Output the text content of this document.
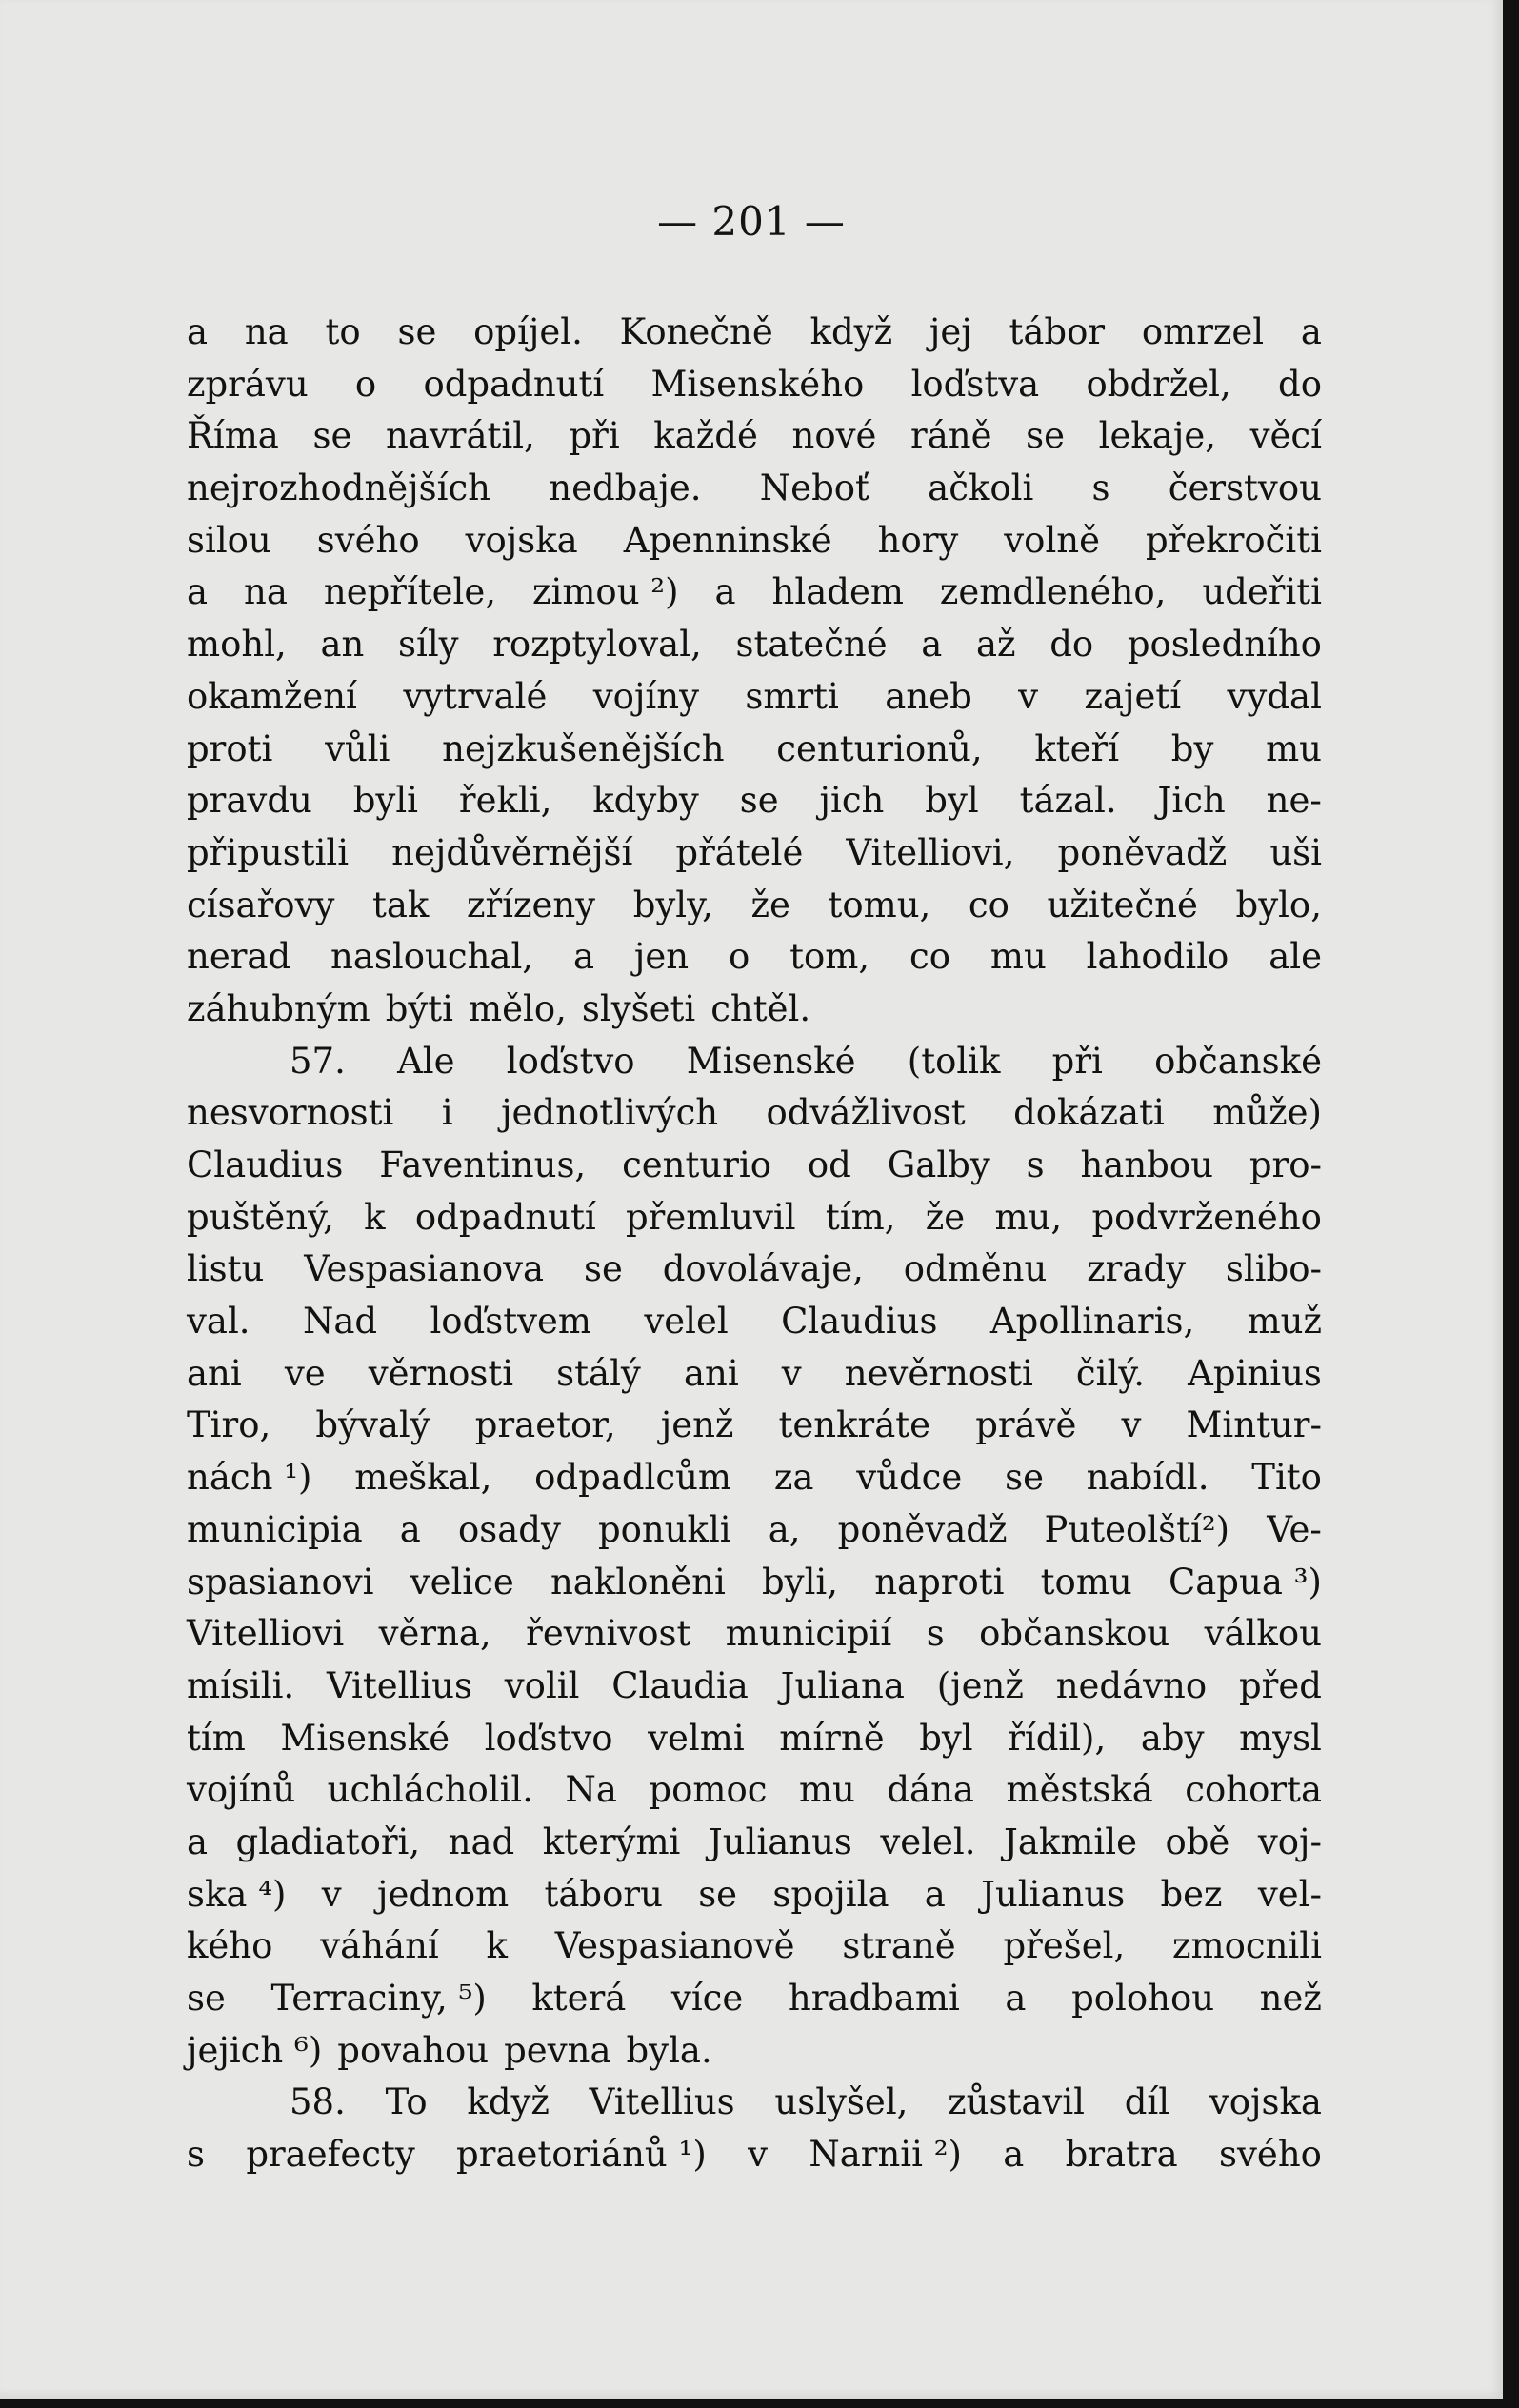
— 201 —
a na to se opíjel. Konečně když jej tábor omrzel a
zprávu o odpadnutí Misenského loďstva obdržel, do
Říma se navrátil, při každé nové ráně se lekaje, věcí
nejrozhodnějších nedbaje. Neboť ačkoli s čerstvou
silou svého vojska Apenninské hory volně překročiti
a na nepřítele, zimou ²) a hladem zemdleného, udeřiti
mohl, an síly rozptyloval, statečné a až do posledního
okamžení vytrvalé vojíny smrti aneb v zajetí vydal
proti vůli nejzkušenějších centurionů, kteří by mu
pravdu byli řekli, kdyby se jich byl tázal. Jich ne-
připustili nejdůvěrnější přátelé Vitelliovi, poněvadž uši
císařovy tak zřízeny byly, že tomu, co užitečné bylo,
nerad naslouchal, a jen o tom, co mu lahodilo ale
záhubným býti mělo, slyšeti chtěl.
57. Ale loďstvo Misenské (tolik při občanské
nesvornosti i jednotlivých odvážlivost dokázati může)
Claudius Faventinus, centurio od Galby s hanbou pro-
puštěný, k odpadnutí přemluvil tím, že mu, podvrženého
listu Vespasianova se dovolávaje, odměnu zrady slibo-
val. Nad loďstvem velel Claudius Apollinaris, muž
ani ve věrnosti stálý ani v nevěrnosti čilý. Apinius
Tiro, bývalý praetor, jenž tenkráte právě v Mintur-
nách ¹) meškal, odpadlcům za vůdce se nabídl. Tito
municipia a osady ponukli a, poněvadž Puteolští²) Ve-
spasianovi velice nakloněni byli, naproti tomu Capua ³)
Vitelliovi věrna, řevnivost municipií s občanskou válkou
mísili. Vitellius volil Claudia Juliana (jenž nedávno před
tím Misenské loďstvo velmi mírně byl řídil), aby mysl
vojínů uchlácholil. Na pomoc mu dána městská cohorta
a gladiatoři, nad kterými Julianus velel. Jakmile obě voj-
ska ⁴) v jednom táboru se spojila a Julianus bez vel-
kého váhání k Vespasianově straně přešel, zmocnili
se Terraciny, ⁵) která více hradbami a polohou než
jejich ⁶) povahou pevna byla.
58. To když Vitellius uslyšel, zůstavil díl vojska
s praefecty praetoriánů ¹) v Narnii ²) a bratra svého
